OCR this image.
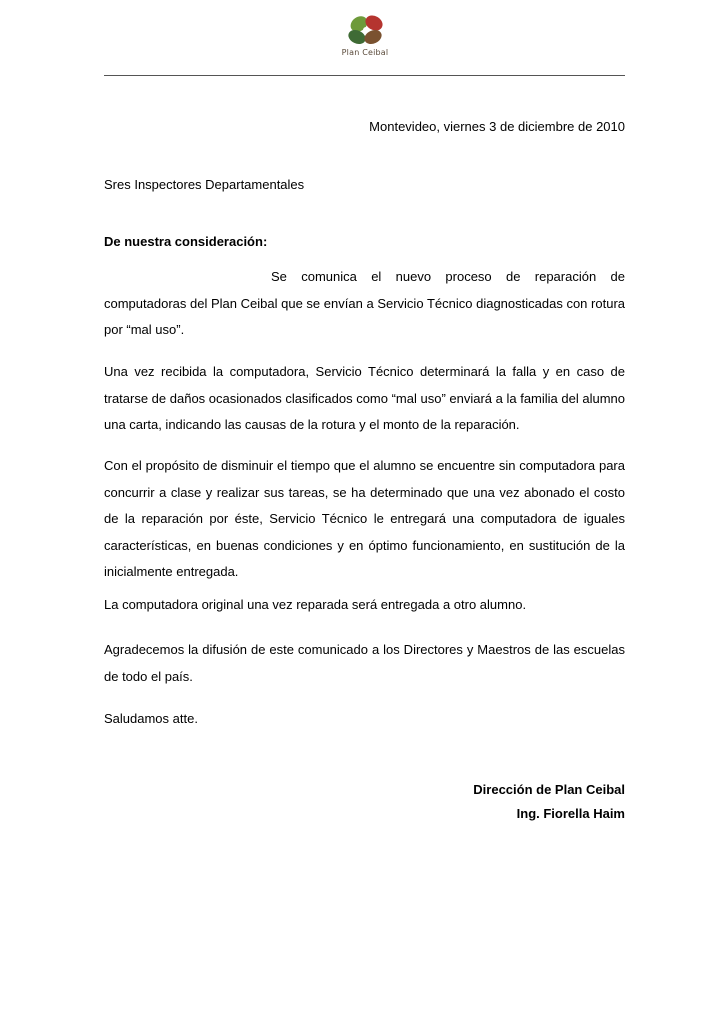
Plan Ceibal
Montevideo, viernes 3 de diciembre de 2010
Sres Inspectores Departamentales
De nuestra consideración:
Se comunica el nuevo proceso de reparación de computadoras del Plan Ceibal que se envían a Servicio Técnico diagnosticadas con rotura por “mal uso”.
Una vez recibida la computadora, Servicio Técnico determinará la falla y en caso de tratarse de daños ocasionados clasificados como “mal uso” enviará a la familia del alumno una carta, indicando las causas de la rotura y el monto de la reparación.
Con el propósito de disminuir el tiempo que el alumno se encuentre sin computadora para concurrir a clase y realizar sus tareas, se ha determinado que una vez abonado el costo de la reparación por éste, Servicio Técnico le entregará una computadora de iguales características, en buenas condiciones y en óptimo funcionamiento, en sustitución de la inicialmente entregada.
La computadora original una vez reparada será entregada a otro alumno.
Agradecemos la difusión de este comunicado a los Directores y Maestros de las escuelas de todo el país.
Saludamos atte.
Dirección de Plan Ceibal
Ing. Fiorella Haim
